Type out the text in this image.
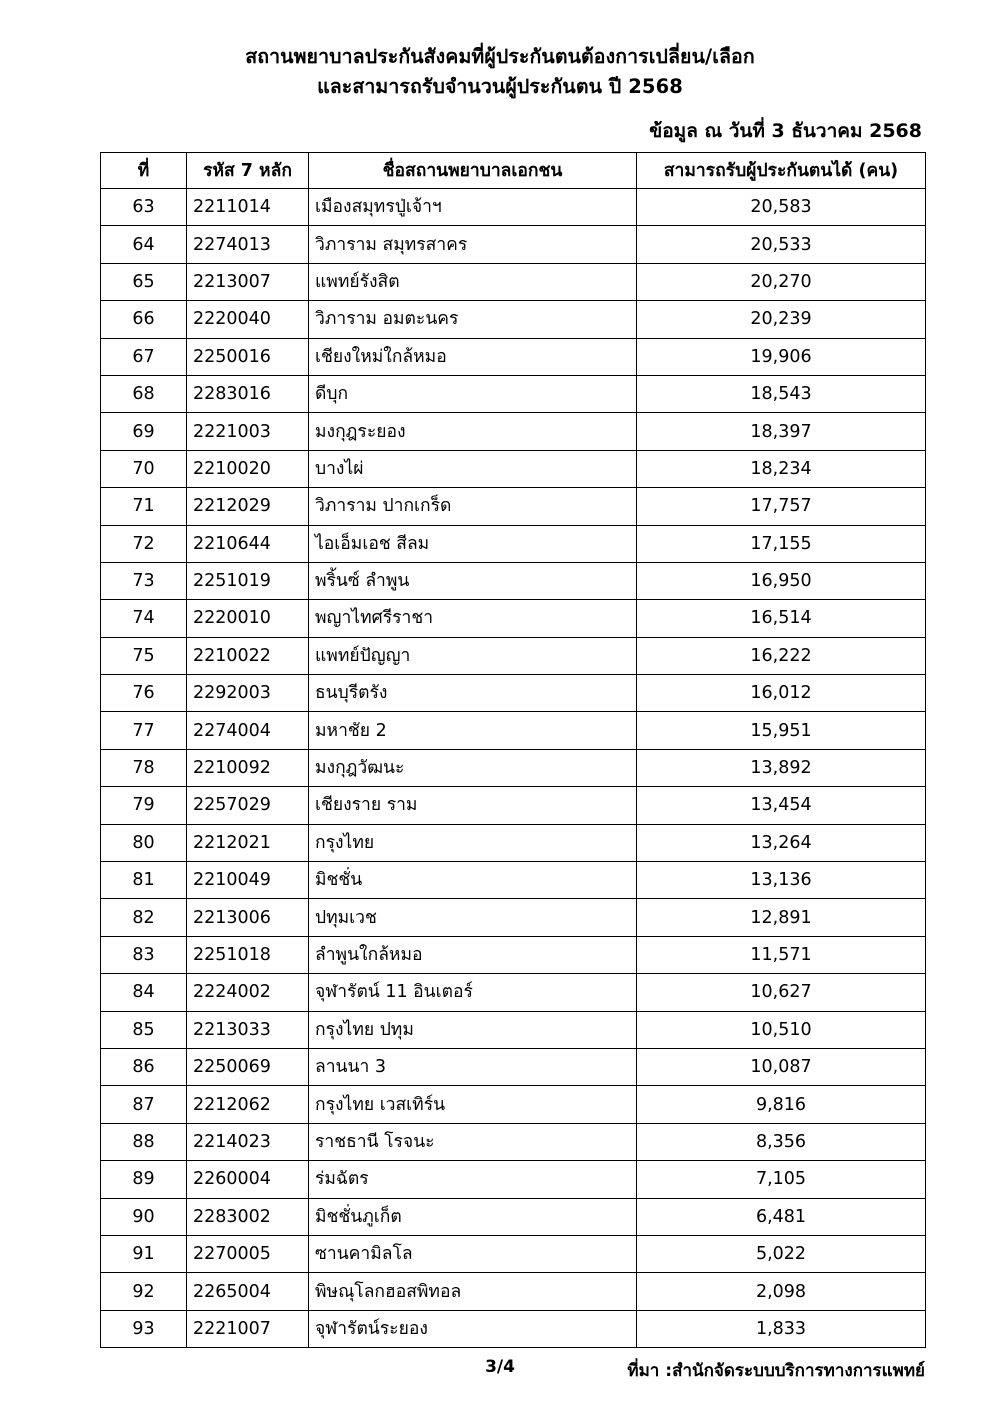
สถานพยาบาลประกันสังคมที่ผู้ประกันตนต้องการเปลี่ยน/เลือก
และสามารถรับจำนวนผู้ประกันตน ปี 2568
ข้อมูล ณ วันที่ 3 ธันวาคม 2568
ที่	รหัส 7 หลัก	ชื่อสถานพยาบาลเอกชน	สามารถรับผู้ประกันตนได้ (คน)
63	2211014	เมืองสมุทรปู่เจ้าฯ	20,583
64	2274013	วิภาราม สมุทรสาคร	20,533
65	2213007	แพทย์รังสิต	20,270
66	2220040	วิภาราม อมตะนคร	20,239
67	2250016	เชียงใหม่ใกล้หมอ	19,906
68	2283016	ดีบุก	18,543
69	2221003	มงกุฎระยอง	18,397
70	2210020	บางไผ่	18,234
71	2212029	วิภาราม ปากเกร็ด	17,757
72	2210644	ไอเอ็มเอช สีลม	17,155
73	2251019	พริ้นซ์ ลำพูน	16,950
74	2220010	พญาไทศรีราชา	16,514
75	2210022	แพทย์ปัญญา	16,222
76	2292003	ธนบุรีตรัง	16,012
77	2274004	มหาชัย 2	15,951
78	2210092	มงกุฎวัฒนะ	13,892
79	2257029	เชียงราย ราม	13,454
80	2212021	กรุงไทย	13,264
81	2210049	มิชชั่น	13,136
82	2213006	ปทุมเวช	12,891
83	2251018	ลำพูนใกล้หมอ	11,571
84	2224002	จุฬารัตน์ 11 อินเตอร์	10,627
85	2213033	กรุงไทย ปทุม	10,510
86	2250069	ลานนา 3	10,087
87	2212062	กรุงไทย เวสเทิร์น	9,816
88	2214023	ราชธานี โรจนะ	8,356
89	2260004	ร่มฉัตร	7,105
90	2283002	มิชชั่นภูเก็ต	6,481
91	2270005	ซานคามิลโล	5,022
92	2265004	พิษณุโลกฮอสพิทอล	2,098
93	2221007	จุฬารัตน์ระยอง	1,833
3/4	ที่มา :สำนักจัดระบบบริการทางการแพทย์
